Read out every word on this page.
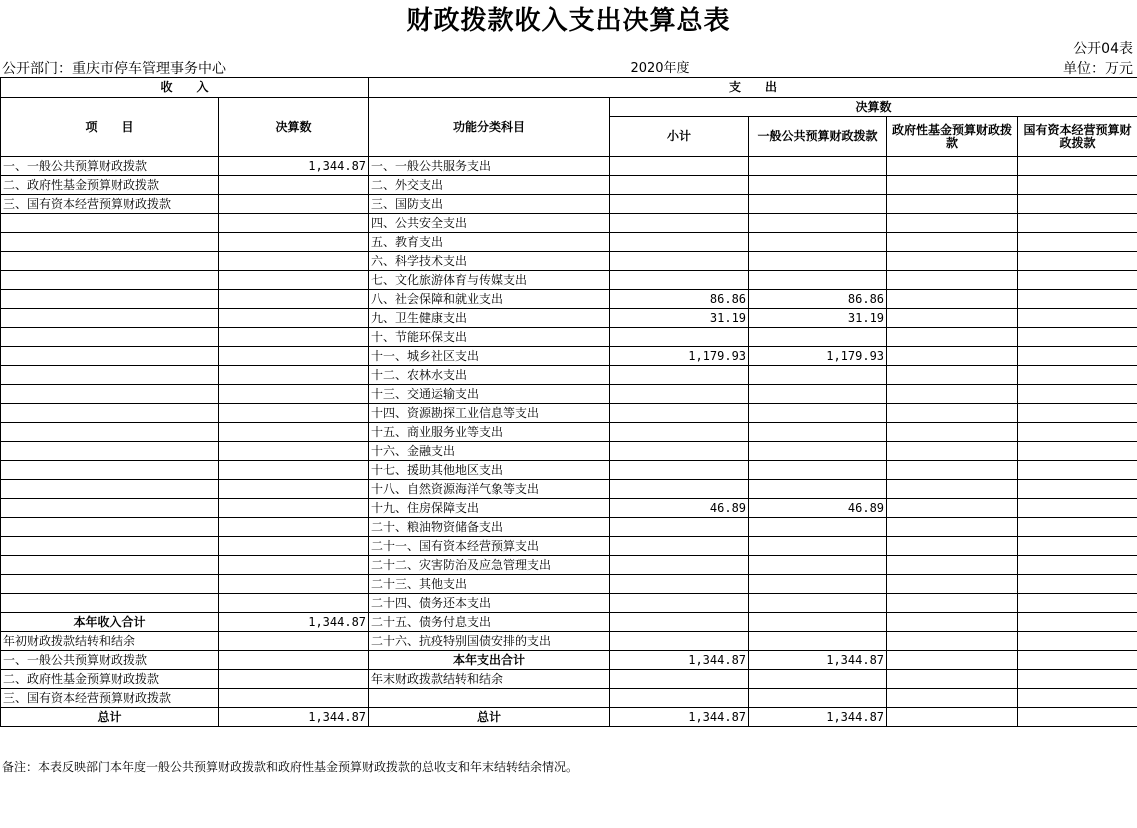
财政拨款收入支出决算总表
公开04表
公开部门：重庆市停车管理事务中心	2020年度	单位：万元
收　　入		支　　出				
项　　目	决算数	功能分类科目	决算数			
			小计	一般公共预算财政拨款	政府性基金预算财政拨款	国有资本经营预算财政拨款
一、一般公共预算财政拨款	1,344.87	一、一般公共服务支出				
二、政府性基金预算财政拨款		二、外交支出				
三、国有资本经营预算财政拨款		三、国防支出				
		四、公共安全支出				
		五、教育支出				
		六、科学技术支出				
		七、文化旅游体育与传媒支出				
		八、社会保障和就业支出	86.86	86.86		
		九、卫生健康支出	31.19	31.19		
		十、节能环保支出				
		十一、城乡社区支出	1,179.93	1,179.93		
		十二、农林水支出				
		十三、交通运输支出				
		十四、资源勘探工业信息等支出				
		十五、商业服务业等支出				
		十六、金融支出				
		十七、援助其他地区支出				
		十八、自然资源海洋气象等支出				
		十九、住房保障支出	46.89	46.89		
		二十、粮油物资储备支出				
		二十一、国有资本经营预算支出				
		二十二、灾害防治及应急管理支出				
		二十三、其他支出				
		二十四、债务还本支出				
本年收入合计	1,344.87	二十五、债务付息支出				
年初财政拨款结转和结余		二十六、抗疫特别国债安排的支出				
一、一般公共预算财政拨款		本年支出合计	1,344.87	1,344.87		
二、政府性基金预算财政拨款		年末财政拨款结转和结余				
三、国有资本经营预算财政拨款						
总计	1,344.87	总计	1,344.87	1,344.87		
备注：本表反映部门本年度一般公共预算财政拨款和政府性基金预算财政拨款的总收支和年末结转结余情况。
